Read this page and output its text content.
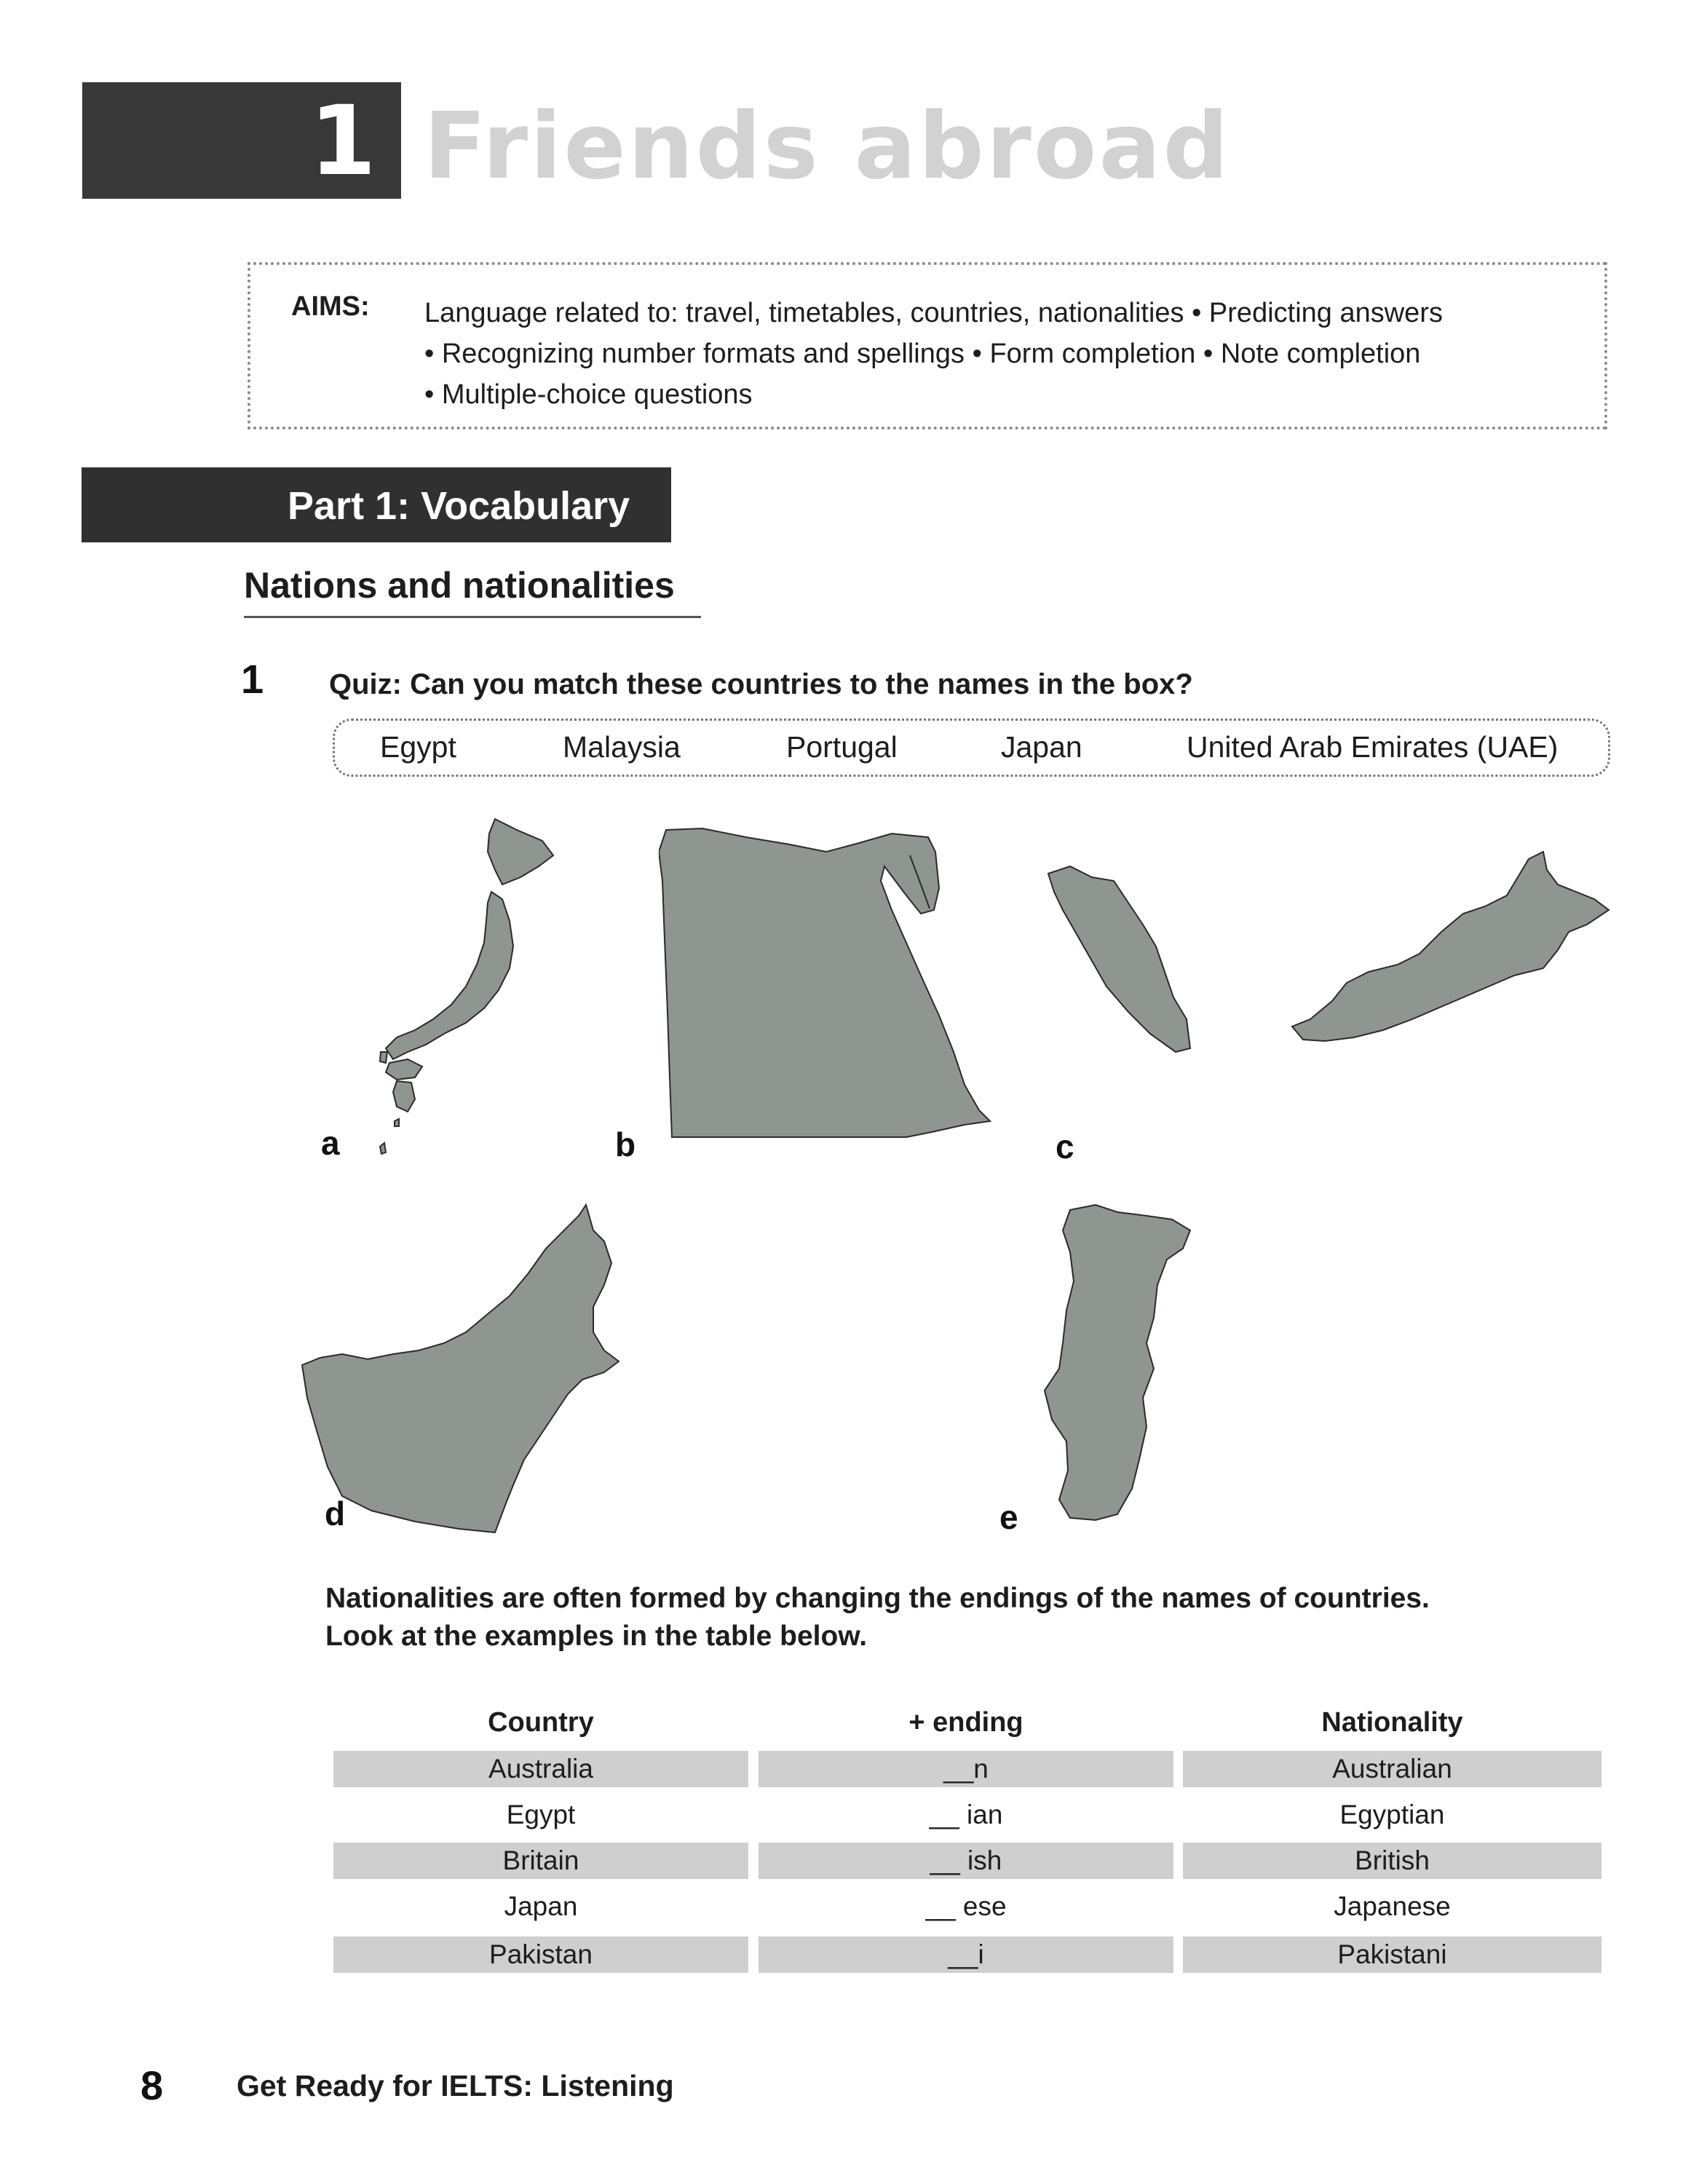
1 Friends abroad
AIMS: Language related to: travel, timetables, countries, nationalities • Predicting answers
• Recognizing number formats and spellings • Form completion • Note completion
• Multiple-choice questions
Part 1: Vocabulary
Nations and nationalities
1 Quiz: Can you match these countries to the names in the box?
Egypt	Malaysia	Portugal	Japan	United Arab Emirates (UAE)
a	b	c
d	e
Nationalities are often formed by changing the endings of the names of countries.
Look at the examples in the table below.
Country	+ ending	Nationality
Australia	__n	Australian
Egypt	__ ian	Egyptian
Britain	__ ish	British
Japan	__ ese	Japanese
Pakistan	__i	Pakistani
8 Get Ready for IELTS: Listening
